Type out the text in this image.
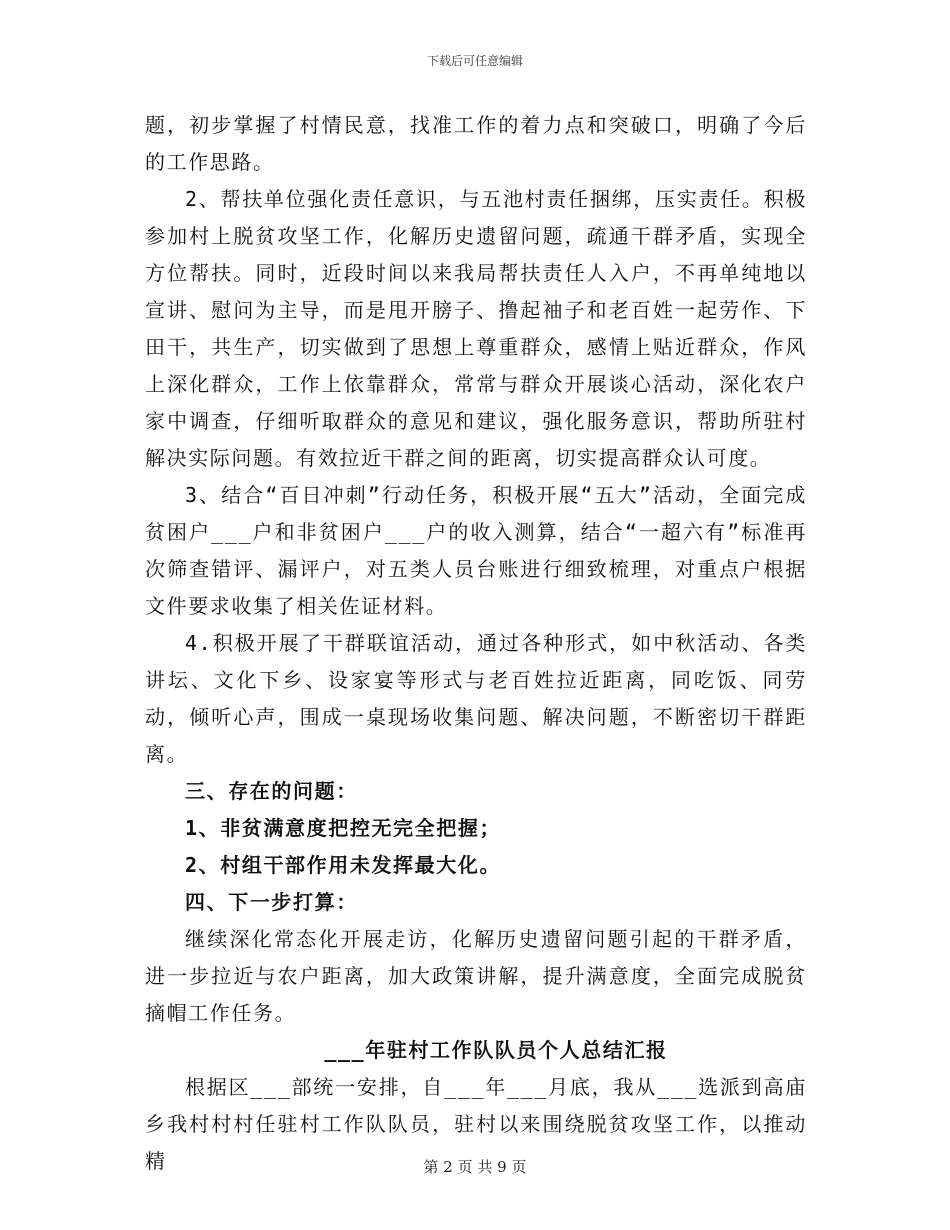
下载后可任意编辑

题，初步掌握了村情民意，找准工作的着力点和突破口，明确了今后的工作思路。

2、帮扶单位强化责任意识，与五池村责任捆绑，压实责任。积极参加村上脱贫攻坚工作，化解历史遗留问题，疏通干群矛盾，实现全方位帮扶。同时，近段时间以来我局帮扶责任人入户，不再单纯地以宣讲、慰问为主导，而是甩开膀子、撸起袖子和老百姓一起劳作、下田干，共生产，切实做到了思想上尊重群众，感情上贴近群众，作风上深化群众，工作上依靠群众，常常与群众开展谈心活动，深化农户家中调查，仔细听取群众的意见和建议，强化服务意识，帮助所驻村解决实际问题。有效拉近干群之间的距离，切实提高群众认可度。

3、结合“百日冲刺”行动任务，积极开展“五大”活动，全面完成贫困户___户和非贫困户___户的收入测算，结合“一超六有”标准再次筛查错评、漏评户，对五类人员台账进行细致梳理，对重点户根据文件要求收集了相关佐证材料。

4.积极开展了干群联谊活动，通过各种形式，如中秋活动、各类讲坛、文化下乡、设家宴等形式与老百姓拉近距离，同吃饭、同劳动，倾听心声，围成一桌现场收集问题、解决问题，不断密切干群距离。

三、存在的问题：

1、非贫满意度把控无完全把握；

2、村组干部作用未发挥最大化。

四、下一步打算：

继续深化常态化开展走访，化解历史遗留问题引起的干群矛盾，进一步拉近与农户距离，加大政策讲解，提升满意度，全面完成脱贫摘帽工作任务。

___年驻村工作队队员个人总结汇报

根据区___部统一安排，自___年___月底，我从___选派到高庙乡我村村村任驻村工作队队员，驻村以来围绕脱贫攻坚工作，以推动精	第 2 页 共 9 页
